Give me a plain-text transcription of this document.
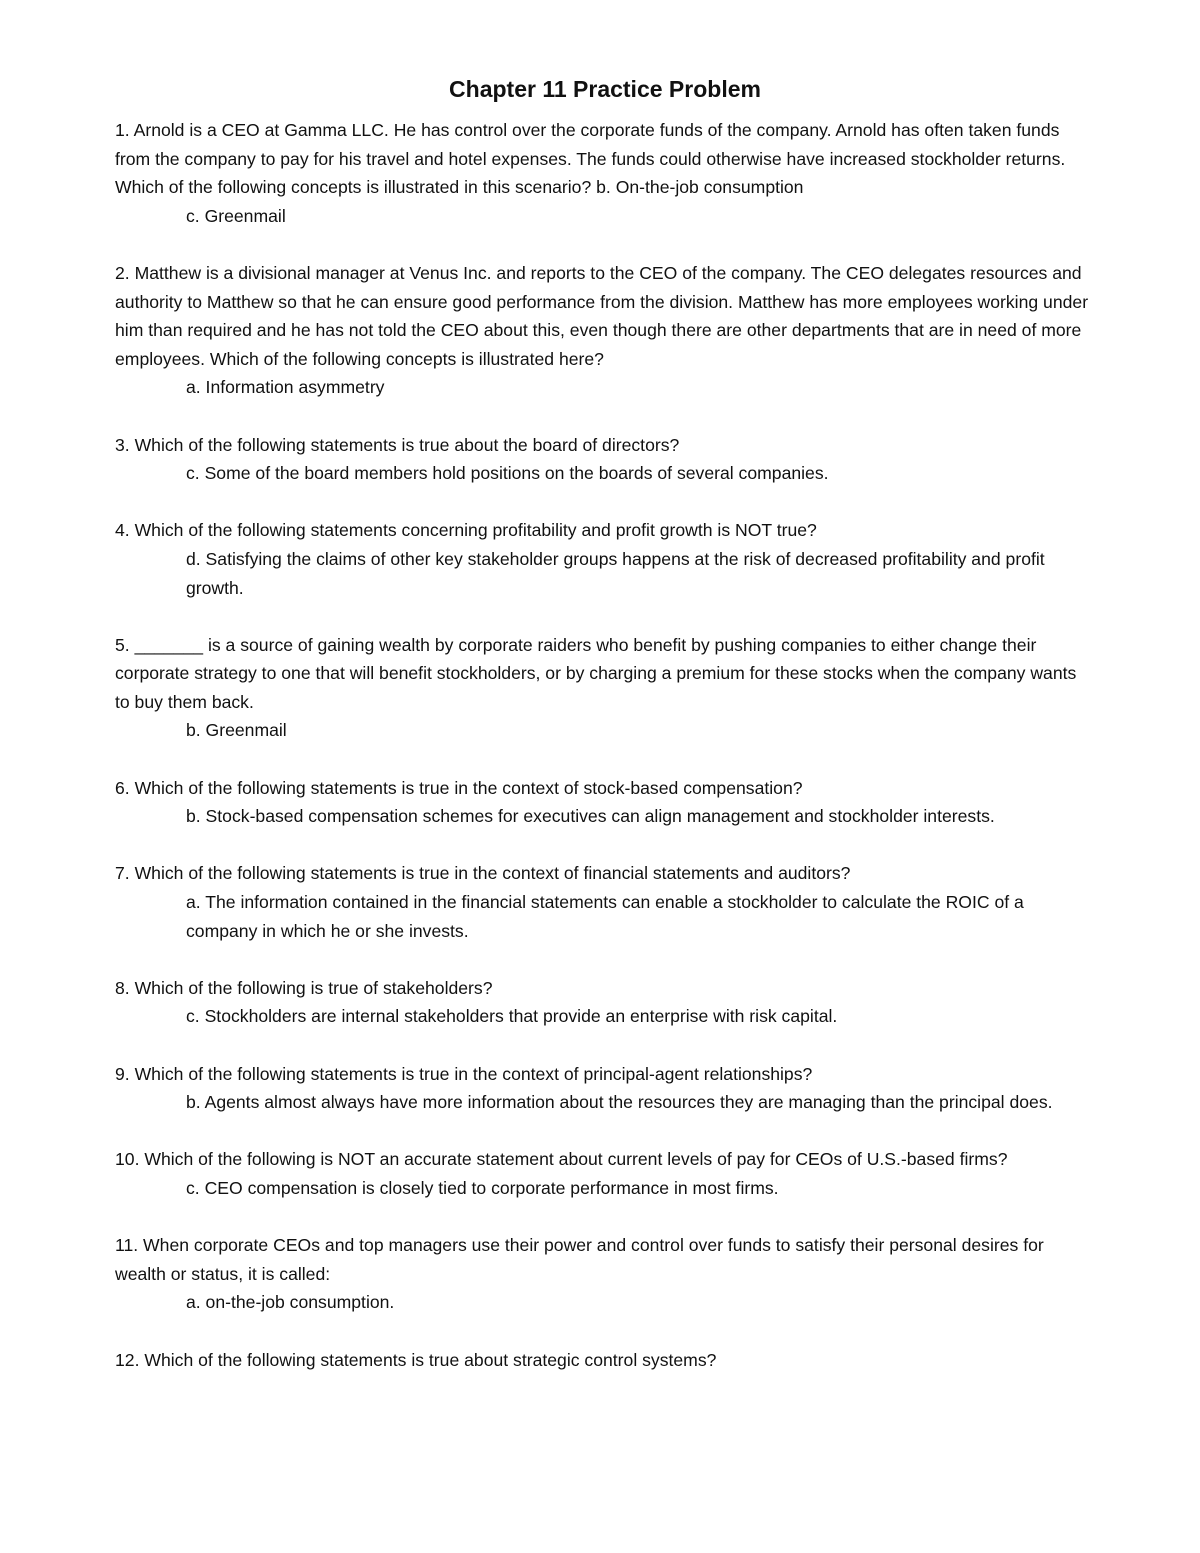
Chapter 11 Practice Problem

1. Arnold is a CEO at Gamma LLC. He has control over the corporate funds of the company. Arnold has often taken funds from the company to pay for his travel and hotel expenses. The funds could otherwise have increased stockholder returns. Which of the following concepts is illustrated in this scenario? b. On-the-job consumption

c. Greenmail

2. Matthew is a divisional manager at Venus Inc. and reports to the CEO of the company. The CEO delegates resources and authority to Matthew so that he can ensure good performance from the division. Matthew has more employees working under him than required and he has not told the CEO about this, even though there are other departments that are in need of more employees. Which of the following concepts is illustrated here?

a. Information asymmetry

3. Which of the following statements is true about the board of directors?

c. Some of the board members hold positions on the boards of several companies.

4. Which of the following statements concerning profitability and profit growth is NOT true?

d. Satisfying the claims of other key stakeholder groups happens at the risk of decreased profitability and profit growth.

5. _______ is a source of gaining wealth by corporate raiders who benefit by pushing companies to either change their corporate strategy to one that will benefit stockholders, or by charging a premium for these stocks when the company wants to buy them back.

b. Greenmail

6. Which of the following statements is true in the context of stock-based compensation?

b. Stock-based compensation schemes for executives can align management and stockholder interests.

7. Which of the following statements is true in the context of financial statements and auditors?

a. The information contained in the financial statements can enable a stockholder to calculate the ROIC of a company in which he or she invests.

8. Which of the following is true of stakeholders?

c. Stockholders are internal stakeholders that provide an enterprise with risk capital.

9. Which of the following statements is true in the context of principal-agent relationships?

b. Agents almost always have more information about the resources they are managing than the principal does.

10. Which of the following is NOT an accurate statement about current levels of pay for CEOs of U.S.-based firms?

c. CEO compensation is closely tied to corporate performance in most firms.

11. When corporate CEOs and top managers use their power and control over funds to satisfy their personal desires for wealth or status, it is called:

a. on-the-job consumption.

12. Which of the following statements is true about strategic control systems?
